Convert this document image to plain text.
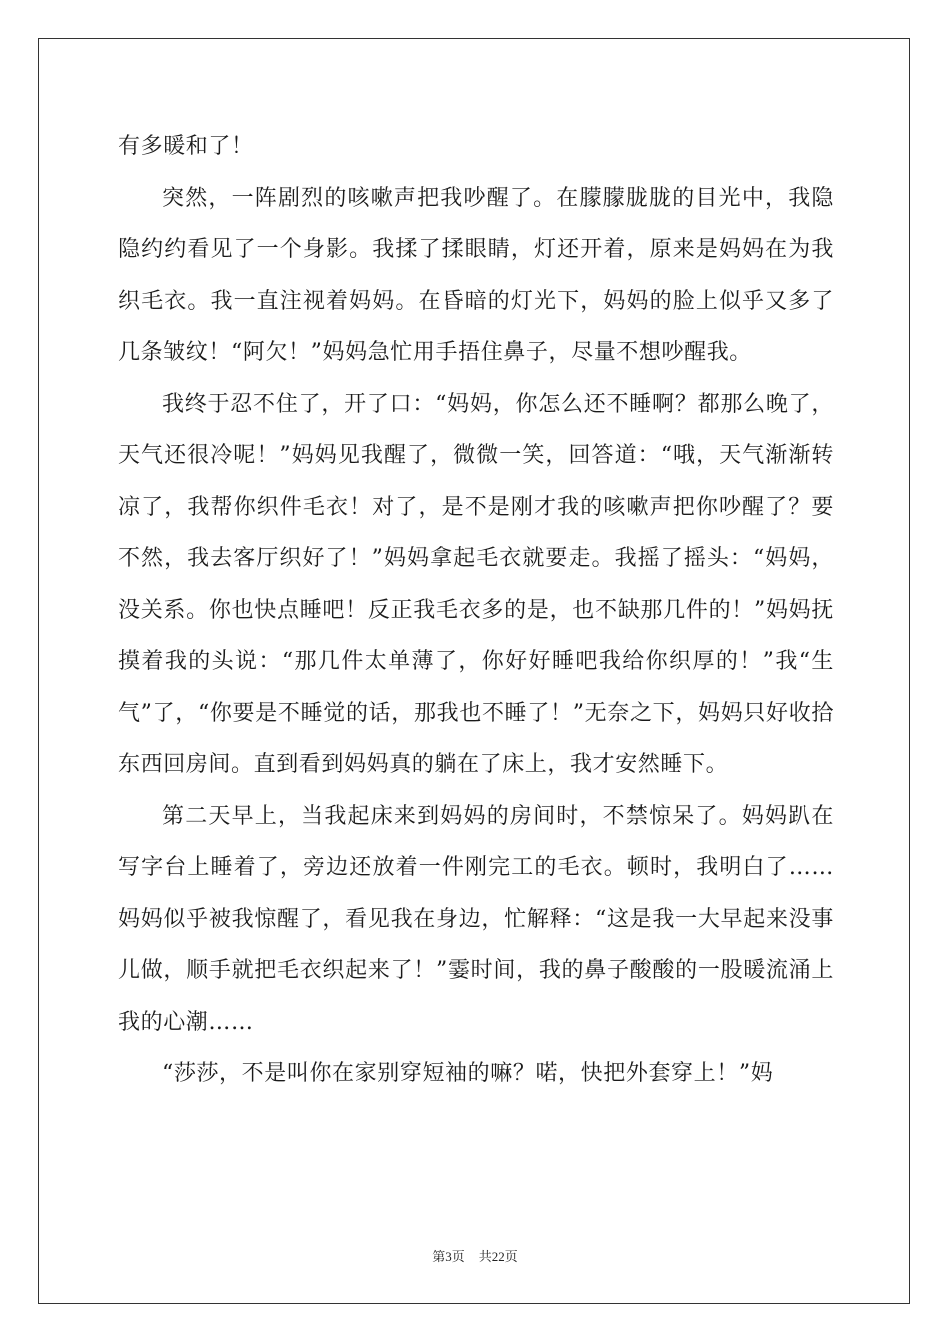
有多暖和了！

突然，一阵剧烈的咳嗽声把我吵醒了。在朦朦胧胧的目光中，我隐隐约约看见了一个身影。我揉了揉眼睛，灯还开着，原来是妈妈在为我织毛衣。我一直注视着妈妈。在昏暗的灯光下，妈妈的脸上似乎又多了几条皱纹！“阿欠！”妈妈急忙用手捂住鼻子，尽量不想吵醒我。

我终于忍不住了，开了口：“妈妈，你怎么还不睡啊？都那么晚了，天气还很冷呢！”妈妈见我醒了，微微一笑，回答道：“哦，天气渐渐转凉了，我帮你织件毛衣！对了，是不是刚才我的咳嗽声把你吵醒了？要不然，我去客厅织好了！”妈妈拿起毛衣就要走。我摇了摇头：“妈妈，没关系。你也快点睡吧！反正我毛衣多的是，也不缺那几件的！”妈妈抚摸着我的头说：“那几件太单薄了，你好好睡吧我给你织厚的！”我“生气”了，“你要是不睡觉的话，那我也不睡了！”无奈之下，妈妈只好收拾东西回房间。直到看到妈妈真的躺在了床上，我才安然睡下。

第二天早上，当我起床来到妈妈的房间时，不禁惊呆了。妈妈趴在写字台上睡着了，旁边还放着一件刚完工的毛衣。顿时，我明白了……妈妈似乎被我惊醒了，看见我在身边，忙解释：“这是我一大早起来没事儿做，顺手就把毛衣织起来了！”霎时间，我的鼻子酸酸的一股暖流涌上我的心潮……

“莎莎，不是叫你在家别穿短袖的嘛？喏，快把外套穿上！”妈

第3页 共22页
